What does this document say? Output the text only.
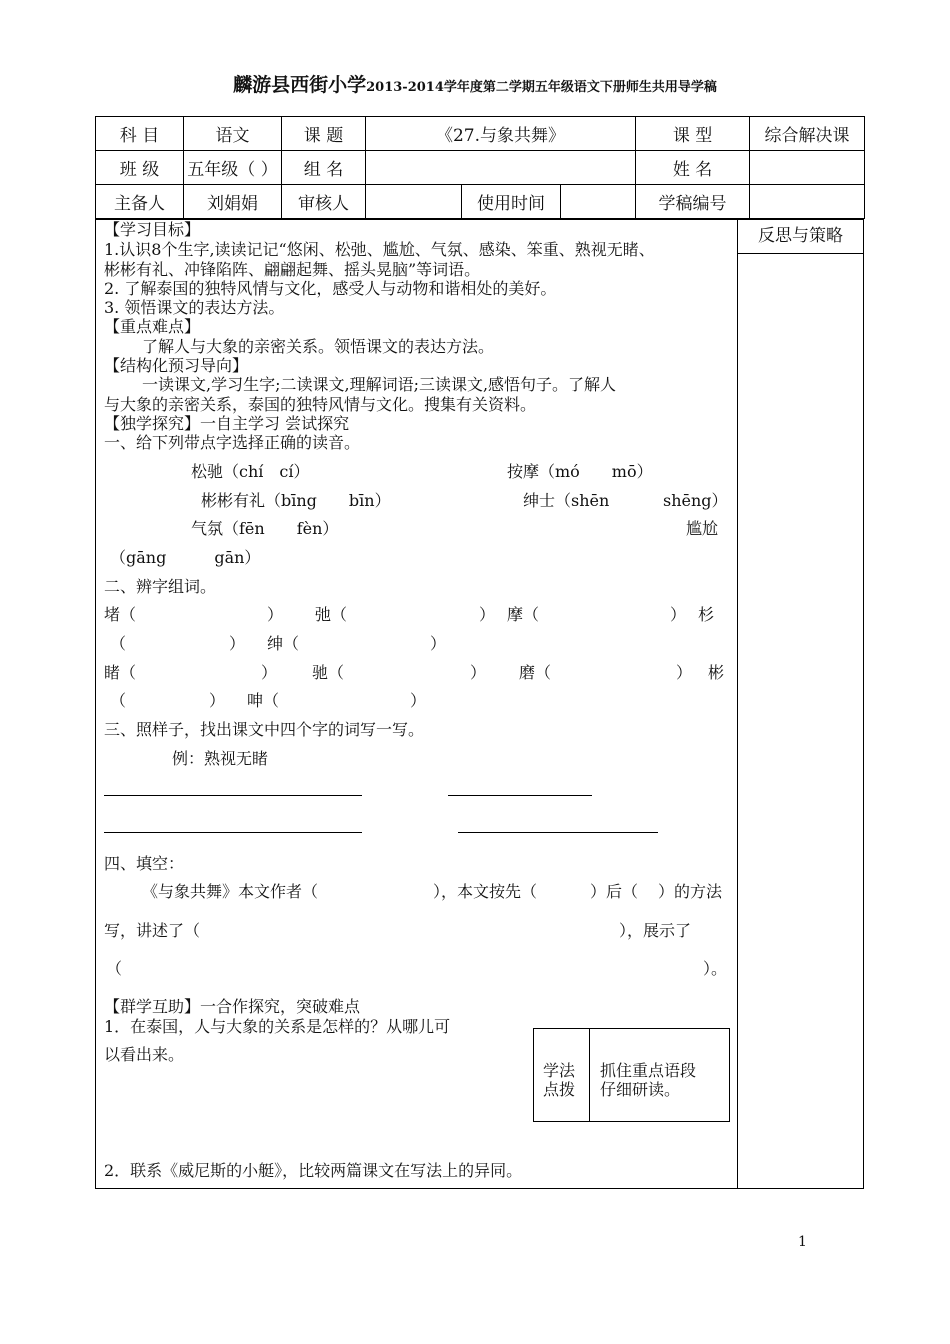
麟游县西街小学2013-2014学年度第二学期五年级语文下册师生共用导学稿
科 目	语文	课 题	《27.与象共舞》			课 型	综合解决课
班 级	五年级（ ）	组 名				姓 名	
主备人	刘娟娟	审核人		使用时间		学稿编号	
反思与策略
【学习目标】
1.认识8个生字,读读记记“悠闲、松弛、尴尬、气氛、感染、笨重、熟视无睹、
彬彬有礼、冲锋陷阵、翩翩起舞、摇头晃脑”等词语。
2. 了解泰国的独特风情与文化，感受人与动物和谐相处的美好。
3. 领悟课文的表达方法。
【重点难点】
了解人与大象的亲密关系。领悟课文的表达方法。
【结构化预习导向】
一读课文,学习生字;二读课文,理解词语;三读课文,感悟句子。了解人
与大象的亲密关系，泰国的独特风情与文化。搜集有关资料。
【独学探究】一自主学习 尝试探究
一、给下列带点字选择正确的读音。
松驰（chí　cí）	按摩（mó　　mō）
彬彬有礼（bīng　　bīn）	绅士（shēn	shēng）
气氛（fēn　　fèn）	尴尬
（gāng　　　gān）
二、辨字组词。
堵（	） 弛（	） 摩（	） 杉
（	） 绅（	）
睹（	） 驰（	） 磨（	） 彬
（	） 呻（	）
三、照样子，找出课文中四个字的词写一写。
例：熟视无睹
四、填空：
《与象共舞》本文作者（	），本文按先（	）后（ ）的方法
写，讲述了（	），展示了
（	）。
【群学互助】一合作探究，突破难点
1．在泰国，人与大象的关系是怎样的？从哪儿可
以看出来。
学法
点拨
抓住重点语段
仔细研读。
2．联系《威尼斯的小艇》，比较两篇课文在写法上的异同。
1
